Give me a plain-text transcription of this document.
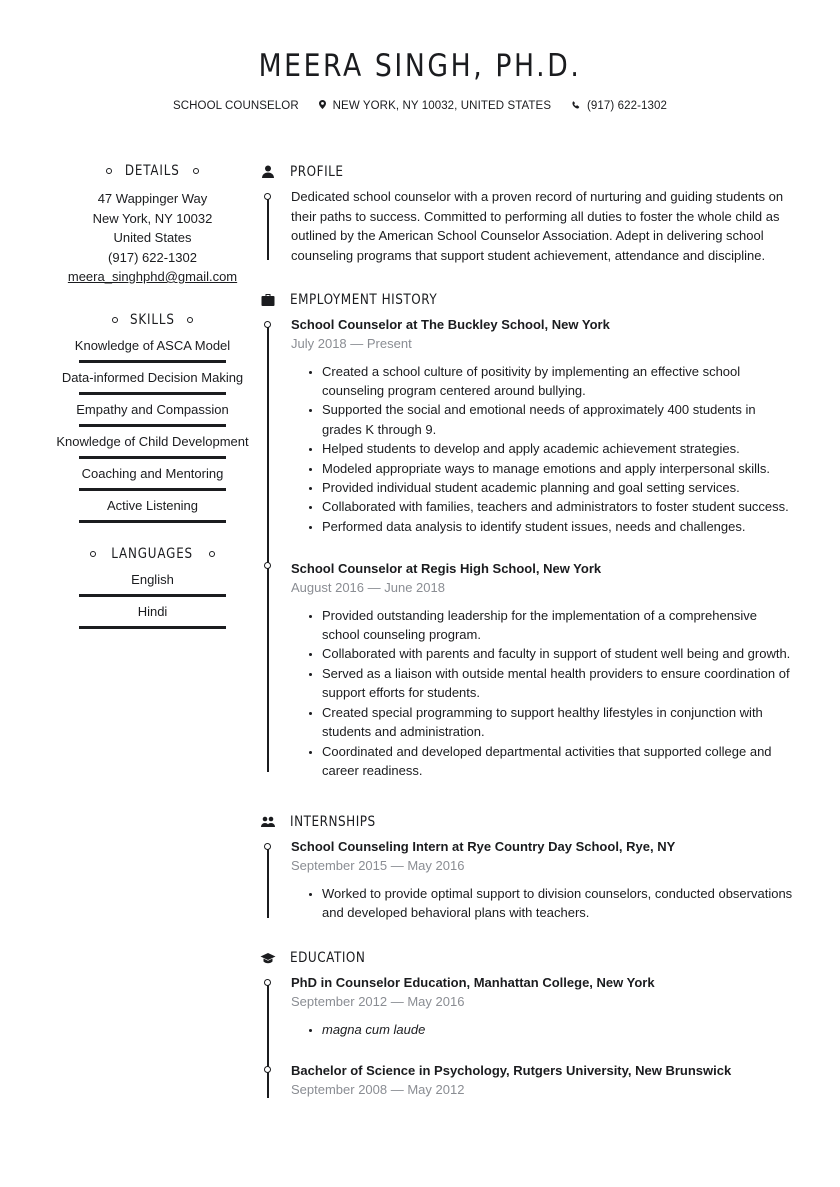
MEERA SINGH, PH.D.
SCHOOL COUNSELOR	NEW YORK, NY 10032, UNITED STATES	(917) 622-1302
DETAILS

47 Wappinger Way

New York, NY 10032

United States

(917) 622-1302

meera_singhphd@gmail.com

SKILLS
Knowledge of ASCA Model
Data-informed Decision Making
Empathy and Compassion
Knowledge of Child Development
Coaching and Mentoring
Active Listening
LANGUAGES
English
Hindi
PROFILE
Dedicated school counselor with a proven record of nurturing and guiding students on their paths to success. Committed to performing all duties to foster the whole child as outlined by the American School Counselor Association. Adept in delivering school counseling programs that support student achievement, attendance and discipline.
EMPLOYMENT HISTORY
School Counselor at The Buckley School, New York
July 2018 — Present
Created a school culture of positivity by implementing an effective school counseling program centered around bullying.
Supported the social and emotional needs of approximately 400 students in grades K through 9.
Helped students to develop and apply academic achievement strategies.
Modeled appropriate ways to manage emotions and apply interpersonal skills.
Provided individual student academic planning and goal setting services.
Collaborated with families, teachers and administrators to foster student success.
Performed data analysis to identify student issues, needs and challenges.
School Counselor at Regis High School, New York
August 2016 — June 2018
Provided outstanding leadership for the implementation of a comprehensive school counseling program.
Collaborated with parents and faculty in support of student well being and growth.
Served as a liaison with outside mental health providers to ensure coordination of support efforts for students.
Created special programming to support healthy lifestyles in conjunction with students and administration.
Coordinated and developed departmental activities that supported college and career readiness.
INTERNSHIPS
School Counseling Intern at Rye Country Day School, Rye, NY
September 2015 — May 2016
Worked to provide optimal support to division counselors, conducted observations and developed behavioral plans with teachers.
EDUCATION
PhD in Counselor Education, Manhattan College, New York
September 2012 — May 2016
magna cum laude
Bachelor of Science in Psychology, Rutgers University, New Brunswick
September 2008 — May 2012
